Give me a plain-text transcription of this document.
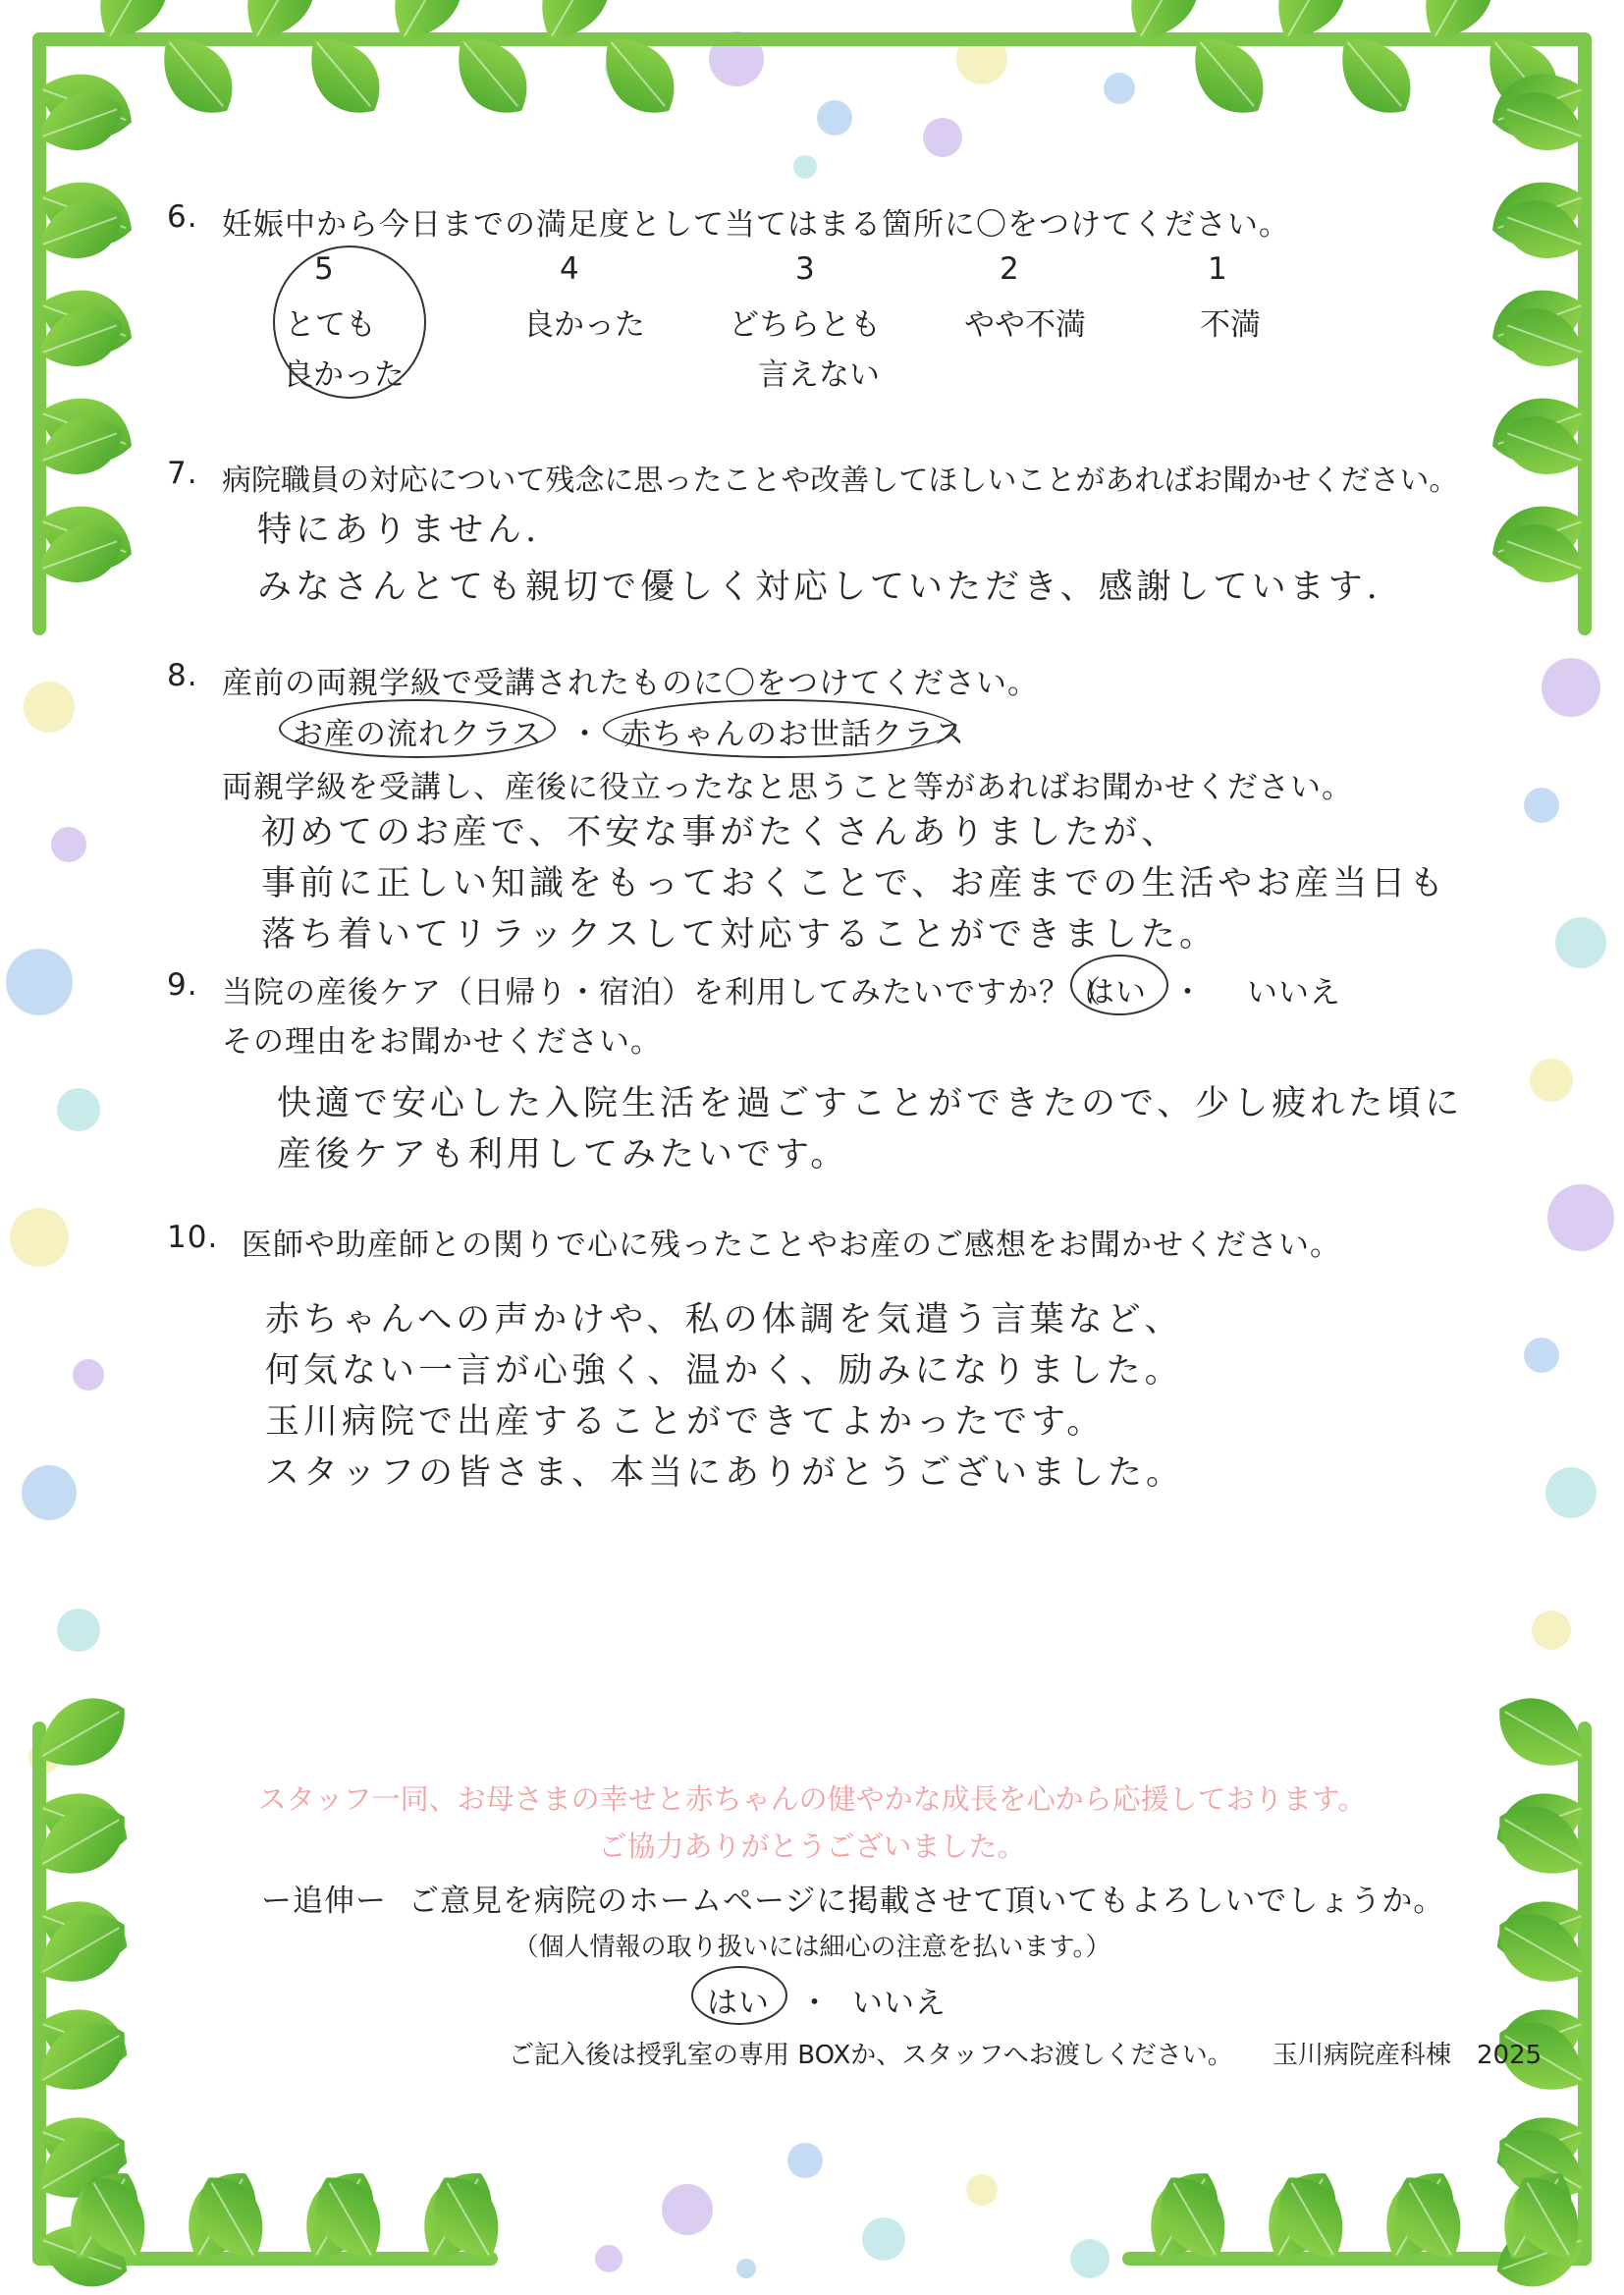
6. 妊娠中から今日までの満足度として当てはまる箇所に〇をつけてください。
5
とても
良かった
4
良かった
3
どちらとも
言えない
2
やや不満
1
不満
7. 病院職員の対応について残念に思ったことや改善してほしいことがあればお聞かせください。
特にありません.
みなさんとても親切で優しく対応していただき、感謝しています.
8. 産前の両親学級で受講されたものに〇をつけてください。
お産の流れクラス ・ 赤ちゃんのお世話クラス
両親学級を受講し、産後に役立ったなと思うこと等があればお聞かせください。
初めてのお産で、不安な事がたくさんありましたが、
事前に正しい知識をもっておくことで、お産までの生活やお産当日も
落ち着いてリラックスして対応することができました。
9. 当院の産後ケア（日帰り・宿泊）を利用してみたいですか？（
はい ・ いいえ
その理由をお聞かせください。
快適で安心した入院生活を過ごすことができたので、少し疲れた頃に
産後ケアも利用してみたいです。
10. 医師や助産師との関りで心に残ったことやお産のご感想をお聞かせください。
赤ちゃんへの声かけや、私の体調を気遣う言葉など、
何気ない一言が心強く、温かく、励みになりました。
玉川病院で出産することができてよかったです。
スタッフの皆さま、本当にありがとうございました。
スタッフ一同、お母さまの幸せと赤ちゃんの健やかな成長を心から応援しております。
ご協力ありがとうございました。
ー追伸ー ご意見を病院のホームページに掲載させて頂いてもよろしいでしょうか。
（個人情報の取り扱いには細心の注意を払います。）
はい ・ いいえ
ご記入後は授乳室の専用 BOXか、スタッフへお渡しください。 玉川病院産科棟　2025
